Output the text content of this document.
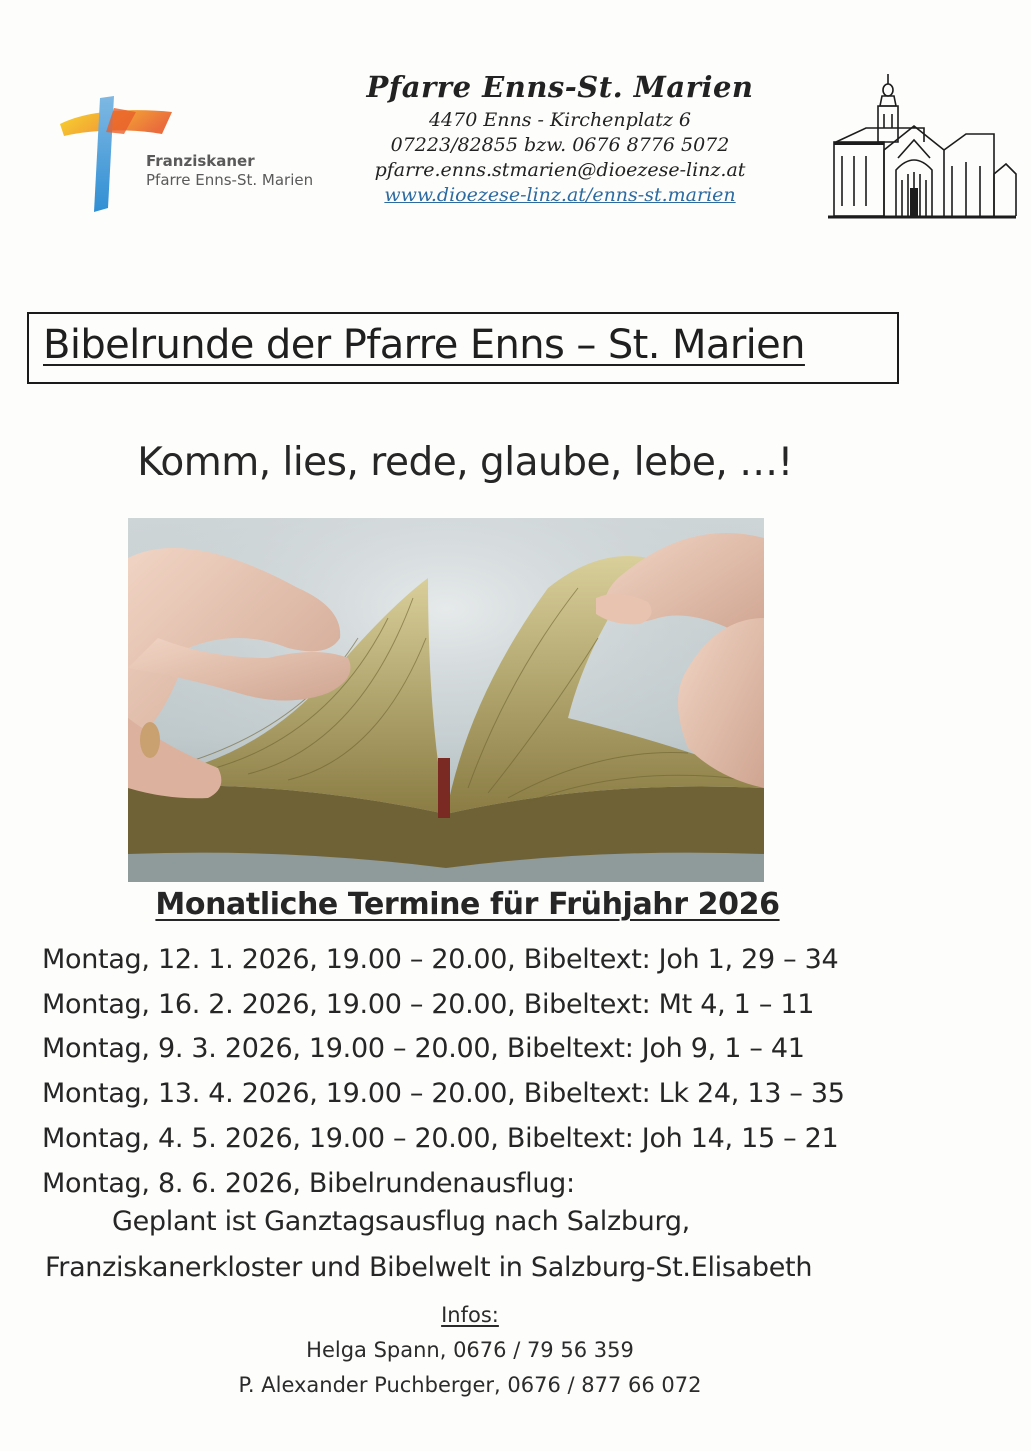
Franziskaner
Pfarre Enns-St. Marien
Pfarre Enns-St. Marien
4470 Enns - Kirchenplatz 6
07223/82855 bzw. 0676 8776 5072
pfarre.enns.stmarien@dioezese-linz.at
www.dioezese-linz.at/enns-st.marien
Bibelrunde der Pfarre Enns – St. Marien
Komm, lies, rede, glaube, lebe, …!
Monatliche Termine für Frühjahr 2026
Montag, 12. 1. 2026, 19.00 – 20.00, Bibeltext: Joh 1, 29 – 34
Montag, 16. 2. 2026, 19.00 – 20.00, Bibeltext: Mt 4, 1 – 11
Montag, 9. 3. 2026, 19.00 – 20.00, Bibeltext: Joh 9, 1 – 41
Montag, 13. 4. 2026, 19.00 – 20.00, Bibeltext: Lk 24, 13 – 35
Montag, 4. 5. 2026, 19.00 – 20.00, Bibeltext: Joh 14, 15 – 21
Montag, 8. 6. 2026, Bibelrundenausflug:
Geplant ist Ganztagsausflug nach Salzburg,
Franziskanerkloster und Bibelwelt in Salzburg-St.Elisabeth
Infos:
Helga Spann, 0676 / 79 56 359
P. Alexander Puchberger, 0676 / 877 66 072
